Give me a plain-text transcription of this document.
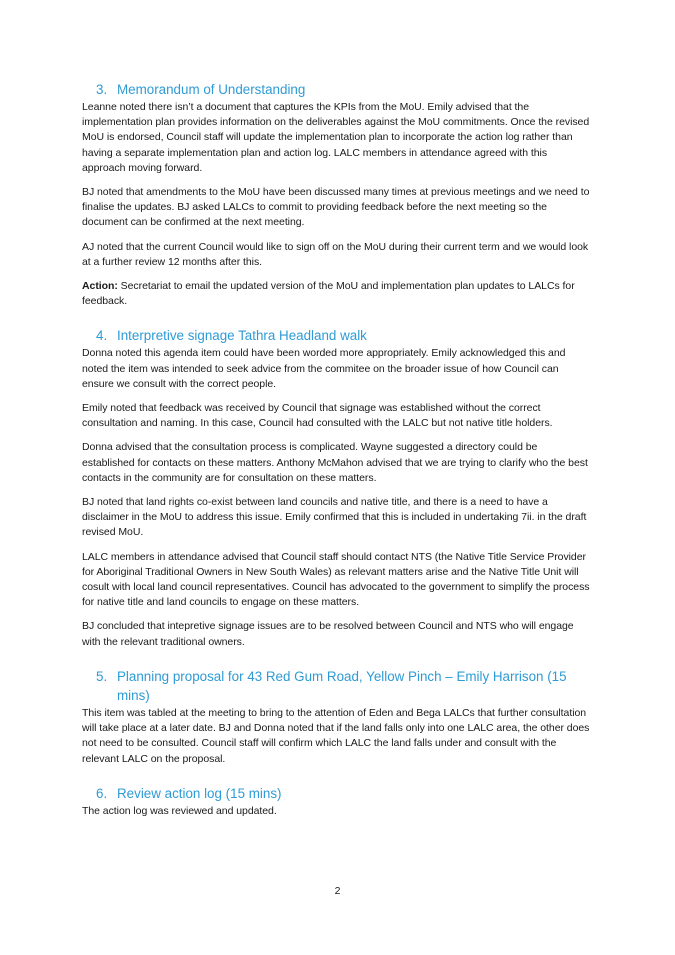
3. Memorandum of Understanding

Leanne noted there isn’t a document that captures the KPIs from the MoU. Emily advised that the implementation plan provides information on the deliverables against the MoU commitments. Once the revised MoU is endorsed, Council staff will update the implementation plan to incorporate the action log rather than having a separate implementation plan and action log. LALC members in attendance agreed with this approach moving forward.

BJ noted that amendments to the MoU have been discussed many times at previous meetings and we need to finalise the updates. BJ asked LALCs to commit to providing feedback before the next meeting so the document can be confirmed at the next meeting.

AJ noted that the current Council would like to sign off on the MoU during their current term and we would look at a further review 12 months after this.

Action: Secretariat to email the updated version of the MoU and implementation plan updates to LALCs for feedback.

4. Interpretive signage Tathra Headland walk

Donna noted this agenda item could have been worded more appropriately. Emily acknowledged this and noted the item was intended to seek advice from the commitee on the broader issue of how Council can ensure we consult with the correct people.

Emily noted that feedback was received by Council that signage was established without the correct consultation and naming. In this case, Council had consulted with the LALC but not native title holders.

Donna advised that the consultation process is complicated. Wayne suggested a directory could be established for contacts on these matters. Anthony McMahon advised that we are trying to clarify who the best contacts in the community are for consultation on these matters.

BJ noted that land rights co-exist between land councils and native title, and there is a need to have a disclaimer in the MoU to address this issue. Emily confirmed that this is included in undertaking 7ii. in the draft revised MoU.

LALC members in attendance advised that Council staff should contact NTS (the Native Title Service Provider for Aboriginal Traditional Owners in New South Wales) as relevant matters arise and the Native Title Unit will cosult with local land council representatives. Council has advocated to the government to simplify the process for native title and land councils to engage on these matters.

BJ concluded that intepretive signage issues are to be resolved between Council and NTS who will engage with the relevant traditional owners.

5. Planning proposal for 43 Red Gum Road, Yellow Pinch – Emily Harrison (15 mins)

This item was tabled at the meeting to bring to the attention of Eden and Bega LALCs that further consultation will take place at a later date. BJ and Donna noted that if the land falls only into one LALC area, the other does not need to be consulted. Council staff will confirm which LALC the land falls under and consult with the relevant LALC on the proposal.

6. Review action log (15 mins)

The action log was reviewed and updated.

2
